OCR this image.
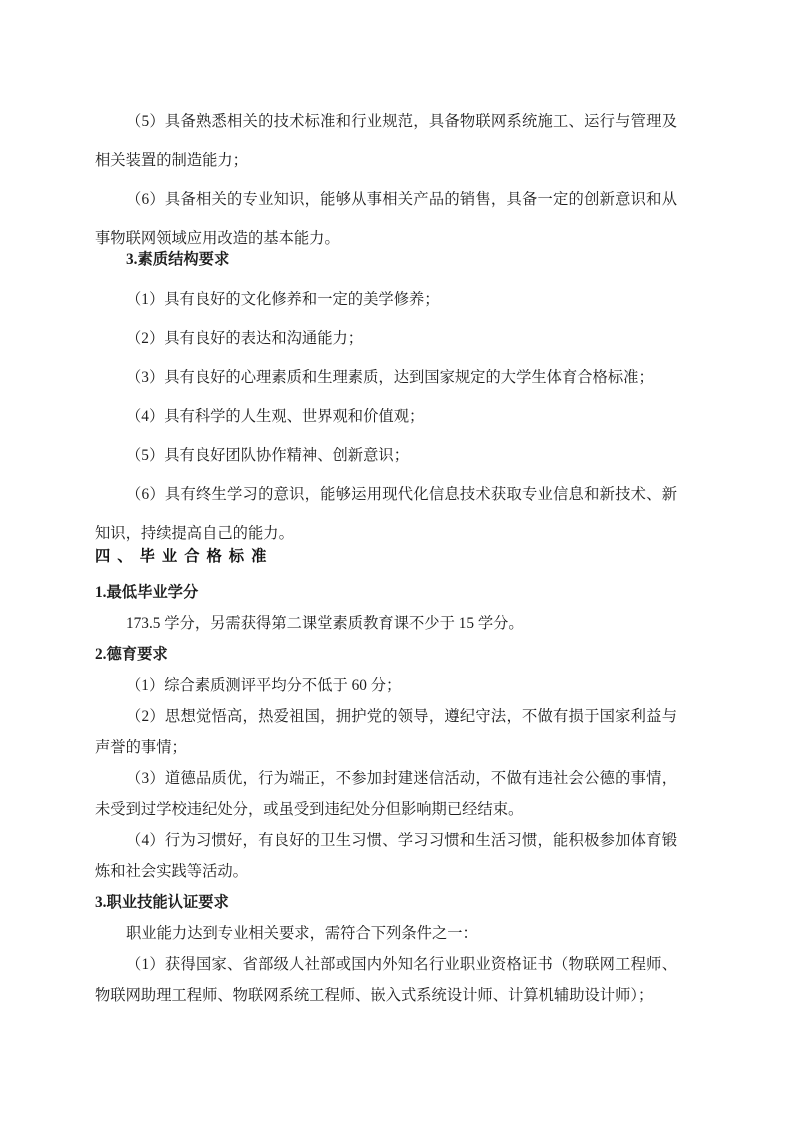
（5）具备熟悉相关的技术标准和行业规范，具备物联网系统施工、运行与管理及相关装置的制造能力；

（6）具备相关的专业知识，能够从事相关产品的销售，具备一定的创新意识和从事物联网领域应用改造的基本能力。

3.素质结构要求

（1）具有良好的文化修养和一定的美学修养；

（2）具有良好的表达和沟通能力；

（3）具有良好的心理素质和生理素质，达到国家规定的大学生体育合格标准；

（4）具有科学的人生观、世界观和价值观；

（5）具有良好团队协作精神、创新意识；

（6）具有终生学习的意识，能够运用现代化信息技术获取专业信息和新技术、新知识，持续提高自己的能力。

四、毕业合格标准

1.最低毕业学分

173.5 学分，另需获得第二课堂素质教育课不少于 15 学分。

2.德育要求

（1）综合素质测评平均分不低于 60 分；

（2）思想觉悟高，热爱祖国，拥护党的领导，遵纪守法，不做有损于国家利益与声誉的事情；

（3）道德品质优，行为端正，不参加封建迷信活动，不做有违社会公德的事情，未受到过学校违纪处分，或虽受到违纪处分但影响期已经结束。

（4）行为习惯好，有良好的卫生习惯、学习习惯和生活习惯，能积极参加体育锻炼和社会实践等活动。

3.职业技能认证要求

职业能力达到专业相关要求，需符合下列条件之一：

（1）获得国家、省部级人社部或国内外知名行业职业资格证书（物联网工程师、物联网助理工程师、物联网系统工程师、嵌入式系统设计师、计算机辅助设计师）；
